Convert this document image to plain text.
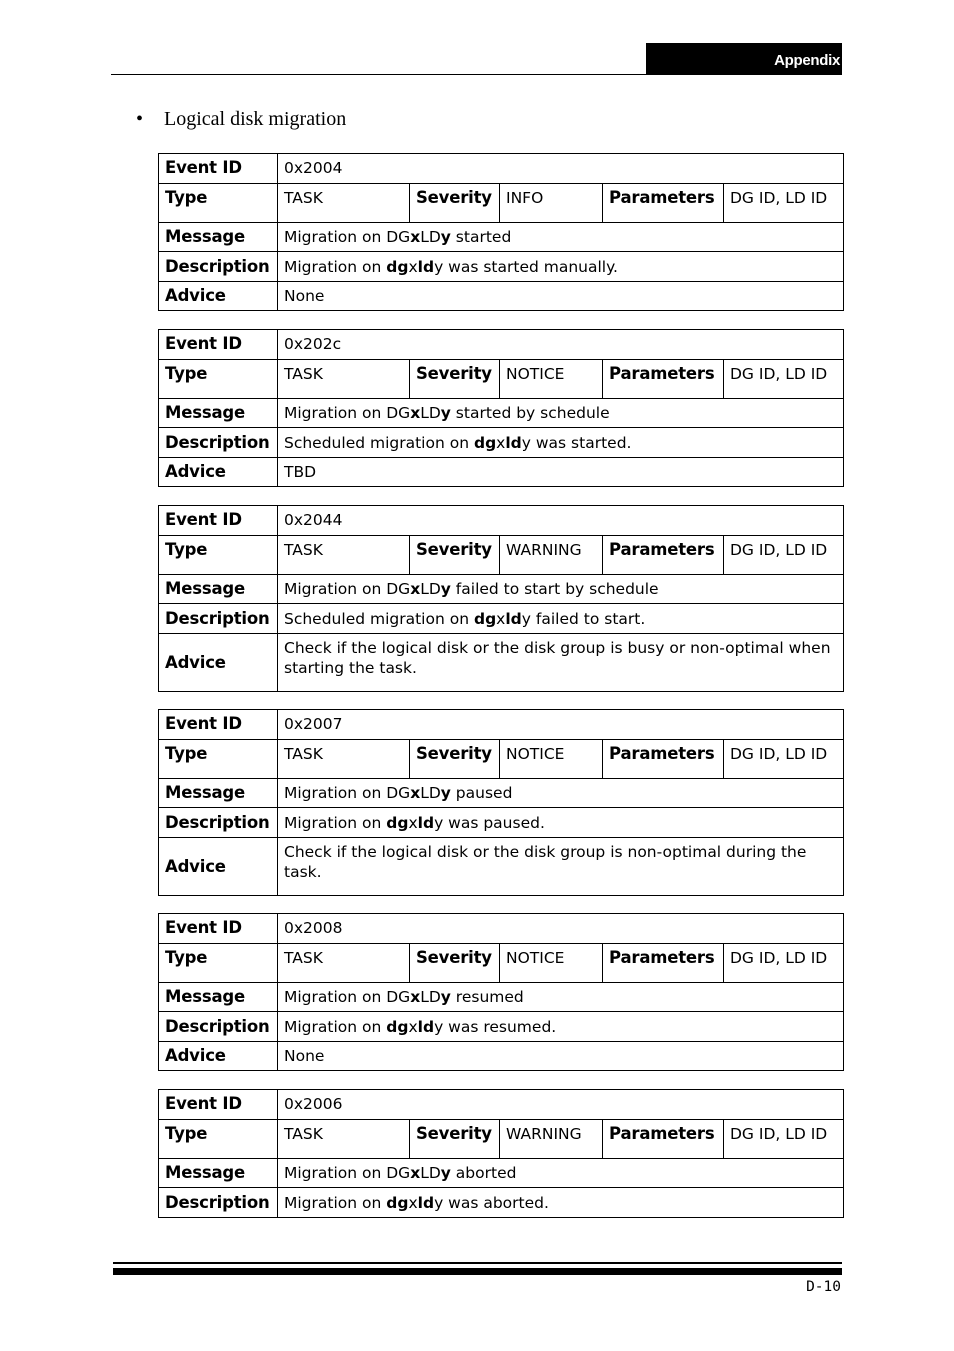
Appendix
• Logical disk migration
Event ID	0x2004				
Type	TASK	Severity	INFO	Parameters	DG ID, LD ID
Message	Migration on DGxLDy started				
Description	Migration on dgxldy was started manually.				
Advice	None				
Event ID	0x202c				
Type	TASK	Severity	NOTICE	Parameters	DG ID, LD ID
Message	Migration on DGxLDy started by schedule				
Description	Scheduled migration on dgxldy was started.				
Advice	TBD				
Event ID	0x2044				
Type	TASK	Severity	WARNING	Parameters	DG ID, LD ID
Message	Migration on DGxLDy failed to start by schedule				
Description	Scheduled migration on dgxldy failed to start.				
Advice	Check if the logical disk or the disk group is busy or non-optimal when starting the task.				
Event ID	0x2007				
Type	TASK	Severity	NOTICE	Parameters	DG ID, LD ID
Message	Migration on DGxLDy paused				
Description	Migration on dgxldy was paused.				
Advice	Check if the logical disk or the disk group is non-optimal during the task.				
Event ID	0x2008				
Type	TASK	Severity	NOTICE	Parameters	DG ID, LD ID
Message	Migration on DGxLDy resumed				
Description	Migration on dgxldy was resumed.				
Advice	None				
Event ID	0x2006				
Type	TASK	Severity	WARNING	Parameters	DG ID, LD ID
Message	Migration on DGxLDy aborted				
Description	Migration on dgxldy was aborted.				
D-10
